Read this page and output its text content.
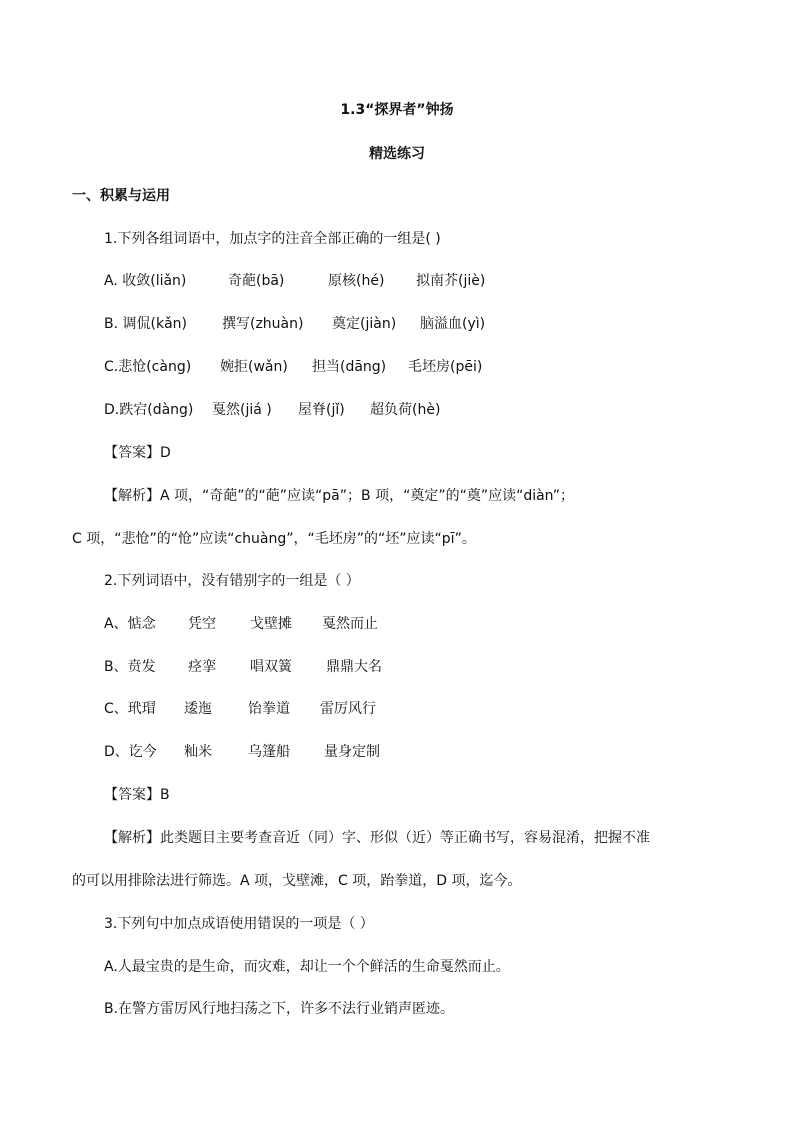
1.3“探界者”钟扬
精选练习
一、积累与运用
1.下列各组词语中，加点字的注音全部正确的一组是( )
A. 收敛(liǎn)	奇葩(bā)	原核(hé) 拟南芥(jiè)
B. 调侃(kǎn)	撰写(zhuàn) 奠定(jiàn) 脑溢血(yì)
C.悲怆(càng) 婉拒(wǎn) 担当(dāng) 毛坯房(pēi)
D.跌宕(dàng) 戛然(jiá ) 屋脊(jǐ) 超负荷(hè)
【答案】D
【解析】A 项，“奇葩”的“葩”应读“pā”；B 项，“奠定”的“奠”应读“diàn”；
C 项，“悲怆”的“怆”应读“chuàng”，“毛坯房”的“坯”应读“pī”。
2.下列词语中，没有错别字的一组是（ ）
A、惦念 凭空 戈壁摊 戛然而止
B、贲发 痉挛 唱双簧 鼎鼎大名
C、玳瑁 逶迤	饴拳道 雷厉风行
D、讫今 籼米	乌篷船 量身定制
【答案】B
【解析】此类题目主要考查音近（同）字、形似（近）等正确书写，容易混淆，把握不准
的可以用排除法进行筛选。A 项，戈壁滩，C 项，跆拳道，D 项，迄今。
3.下列句中加点成语使用错误的一项是（ ）
A.人最宝贵的是生命，而灾难，却让一个个鲜活的生命戛然而止。
B.在警方雷厉风行地扫荡之下，许多不法行业销声匿迹。
